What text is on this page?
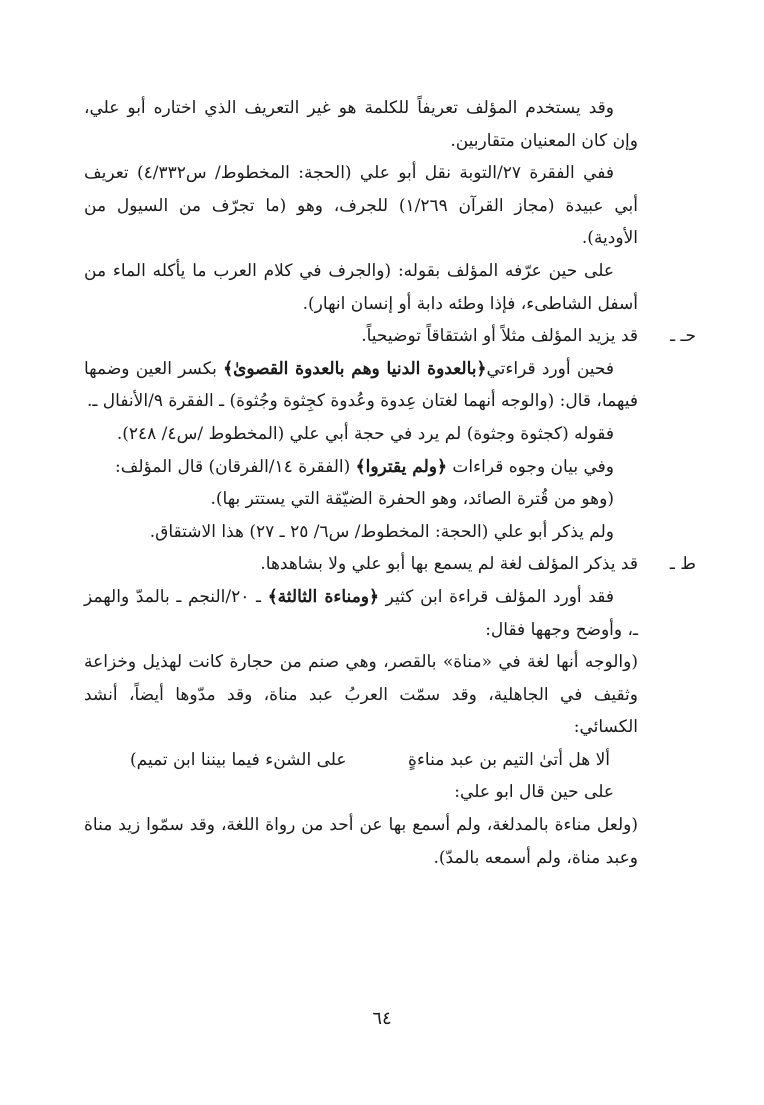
وقد يستخدم المؤلف تعريفاً للكلمة هو غير التعريف الذي اختاره أبو علي، وإن كان المعنيان متقاربين.

ففي الفقرة ٢٧/التوبة نقل أبو علي (الحجة: المخطوط/ س٤/٣٣٢) تعريف أبي عبيدة (مجاز القرآن ١/٢٦٩) للجرف، وهو (ما تجرّف من السيول من الأودية).

على حين عرّفه المؤلف بقوله: (والجرف في كلام العرب ما يأكله الماء من أسفل الشاطىء، فإذا وطئه دابة أو إنسان انهار).

حـ ـ
قد يزيد المؤلف مثلاً أو اشتقاقاً توضيحياً.

فحين أورد قراءتي﴿بالعدوة الدنيا وهم بالعدوة القصوىٰ﴾ بكسر العين وضمها فيهما، قال: (والوجه أنهما لغتان عِدوة وعُدوة كجِثوة وجُثوة) ـ الفقرة ٩/الأنفال ـ.

فقوله (كجثوة وجثوة) لم يرد في حجة أبي علي (المخطوط /س٤/ ٢٤٨).

وفي بيان وجوه قراءات ﴿ولم يقتروا﴾ (الفقرة ١٤/الفرقان) قال المؤلف:

(وهو من قُترة الصائد، وهو الحفرة الضيّقة التي يستتر بها).

ولم يذكر أبو علي (الحجة: المخطوط/ س٦/ ٢٥ ـ ٢٧) هذا الاشتقاق.

ط ـ
قد يذكر المؤلف لغة لم يسمع بها أبو علي ولا بشاهدها.

فقد أورد المؤلف قراءة ابن كثير ﴿ومناءة الثالثة﴾ ـ ٢٠/النجم ـ بالمدّ والهمز ـ، وأوضح وجهها فقال:

(والوجه أنها لغة في «مناة» بالقصر، وهي صنم من حجارة كانت لهذيل وخزاعة وثقيف في الجاهلية، وقد سمّت العربُ عبد مناة، وقد مدّوها أيضاً، أنشد الكسائي:

ألا هل أتىٰ التيم بن عبد مناءةٍ
على الشنء فيما بيننا ابن تميم)

على حين قال ابو علي:

(ولعل مناءة بالمدلغة، ولم أسمع بها عن أحد من رواة اللغة، وقد سمّوا زيد مناة وعبد مناة، ولم أسمعه بالمدّ).

٦٤
